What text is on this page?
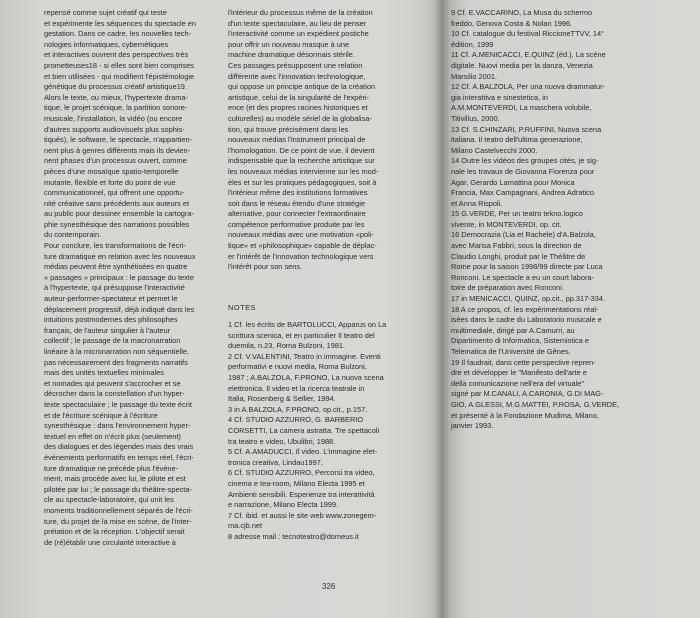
repensé comme sujet créatif qui teste
et expérimente les séquences du spectacle en
gestation. Dans ce cadre, les nouvelles tech-
nologies informatiques, cybernétiques
et interactives ouvrent des perspectives très
prometteuses18 - si elles sont bien comprises
et bien utilisées - qui modifient l'épistémologie
génétique du processus créatif artistique19.
Alors le texte, ou mieux, l'hypertexte drama-
tique, le projet scénique, la partition sonore-
musicale, l'installation, la vidéo (ou encore
d'autres supports audiovisuels plus sophis-
tiqués), le software, le spectacle, n'appartien-
nent plus à genres différents mais ils devien-
nent phases d'un processus ouvert, comme
pièces d'une mosaïque spatio-temporelle
mutante, flexible et forte du point de vue
communicationnel, qui offrent une opportu-
nité créative sans précédents aux auteurs et
au public pour dessiner ensemble la cartogra-
phie synesthésique des narrations possibles
du contemporain.
Pour conclure, les transformations de l'écri-
ture dramatique en relation avec les nouveaux
médias peuvent être synthétisées en quatre
« passages » principaux : le passage du texte
à l'hypertexte, qui présuppose l'interactivité
auteur-performer-spectateur et permet le
déplacement progressif, déjà indiqué dans les
intuitions postmodernes des philosophes
français, de l'auteur singulier à l'auteur
collectif ; le passage de la macronarration
linéaire à la micronarration non séquentielle,
pas nécessairement des fragments narratifs
mais des unités textuelles minimales
et nomades qui peuvent s'accrocher et se
décrocher dans la constellation d'un hyper-
texte spectaculaire ; le passage du texte écrit
et de l'écriture scénique à l'écriture
synesthésique : dans l'environnement hyper-
textuel en effet on n'écrit plus (seulement)
des dialogues et des légendes mais des vrais
événements performatifs en temps réel, l'écri-
ture dramatique ne précède plus l'événe-
ment, mais procède avec lui, le pilote et est
pilotée par lui ; le passage du théâtre-specta-
cle au spectacle-laboratoire, qui unit les
moments traditionnellement séparés de l'écri-
ture, du projet de la mise en scène, de l'inter-
prétation et de la réception. L'objectif serait
de (ré)établir une circularité interactive à
l'intérieur du processus même de la création
d'un texte spectaculaire, au lieu de penser
l'interactivité comme un expédient postiche
pour offrir un nouveau masque à une
machine dramatique désormais stérile.
Ces passages présupposent une relation
différente avec l'innovation technologique,
qui oppose un principe antique de la création
artistique, celui de la singularité de l'expéri-
ence (et des propres racines historiques et
culturelles) au modèle sériel de la globalisa-
tion, qui trouve précisément dans les
nouveaux médias l'instrument principal de
l'homologation. De ce point de vue, il devient
indispensable que la recherche artistique sur
les nouveaux médias intervienne sur les mod-
èles et sur les pratiques pédagogiques, soit à
l'intérieur même des institutions formatives
soit dans le réseau étendu d'une stratégie
alternative, pour connecter l'extraordinaire
compétence performative produite par les
nouveaux médias avec une motivation «poli-
tique» et «philosophique» capable de déplac-
er l'intérêt de l'innovation technologique vers
l'intérêt pour son sens.
NOTES
1 Cf. les écrits de BARTOLUCCI, Apparus on La
scrittura scenica, et en particulier Il teatro del
duemila, n.23, Roma Bulzoni, 1981.
2 Cf. V.VALENTINI, Teatro in immagine. Eventi
performativi e nuovi media, Roma Bulzoni,
1987 ; A.BALZOLA, F.PRONO, La nuova scena
elettronica. Il video et la ricerca teatrale in
Italia, Rosenberg & Sellier, 1994.
3 in A.BALZOLA, F.PRONO, op.cit., p.157.
4 Cf. STUDIO AZZURRO, G. BARBERIO
CORSETTI, La camera astratta. Tre spettacoli
tra teatro e video, Ubulibri, 1988.
5 Cf. A.AMADUCCI, Il video. L'immagine elet-
tronica creativa, Lindau1997.
6 Cf. STUDIO AZZURRO, Percorsi tra video,
cinema e tea-room, Milano Electa 1995 et
Ambienti sensibili. Esperienze tra interattività
e narrazione, Milano Electa 1999.
7 Cf. ibid. et aussi le site web www.zonegem-
ma.cjb.net
8 adresse mail : tecnoteatro@domeus.it
9 Cf. E.VACCARINO, La Musa du schermo
freddo, Genova Costa & Nolan 1996.
10 Cf. catalogue du festival RiccioneTTVV, 14°
édition, 1999
11 Cf. A.MENICACCI, E.QUINZ (éd.), La scène
digitale. Nuovi media per la danza, Venezia
Marsilio 2001.
12 Cf. A.BALZOLA, Per una nuova drammatur-
gia interattiva e sinestetica, in
A.M.MONTEVERDI, La maschera volubile,
Titivillus, 2000.
13 Cf. S.CHINZARI, P.RUFFINI, Nuova scena
italiana. Il teatro dell'ultima generazione,
Milano Castelvecchi 2000.
14 Outre les vidéos des groupes cités, je sig-
nale les travaux de Giovanna Fiorenza pour
Agar, Gerardo Lamattina pour Monica
Francia, Max Campagnani, Andrea Adratico
et Anna Rispoli.
15 G.VERDE, Per un teatro tekno.logico
vivente, in MONTEVERDI, op. cit.
16 Democrazia (Lia et Rachele) d'A.Balzola,
avec Marisa Fabbri, sous la direction de
Claudio Longhi, produit par le Théâtre de
Rome pour la saison 1998/99 directe par Luca
Ronconi. Le spectacle a eu un court labora-
toire de préparation avec Ronconi.
17 in MENICACCI, QUINZ, op.cit., pp.317-334.
18 A ce propos, cf. les expérimentations réal-
isées dans le cadre du Laboratorio musicale e
multimediale, dirigé par A.Camurri, au
Dipartimento di Informatica, Sistemistica e
Telematica de l'Université de Gênes.
19 Il faudrait, dans cette perspective repren-
dre et développer le "Manifesto dell'arte e
della comunicazione nell'era del virtuale"
signé par M.CANALI, A.CARONIA, G.DI MAG-
GIO, A.GLESSI, M.G.MATTEI, P.ROSA, G.VERDE,
et présenté à la Fondazione Mudima, Milano,
janvier 1993.
326
